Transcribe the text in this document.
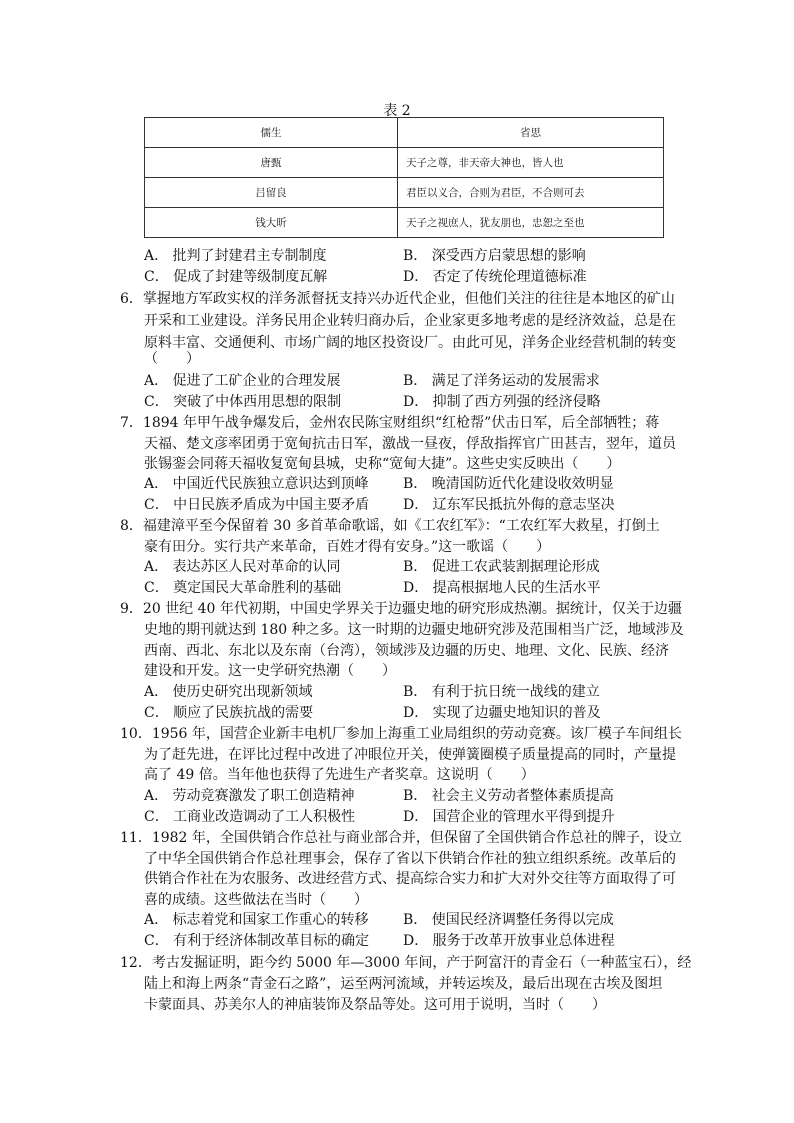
表 2
儒生	省思
唐甄	天子之尊，非天帝大神也，皆人也
吕留良	君臣以义合，合则为君臣，不合则可去
钱大昕	天子之视庶人，犹友朋也，忠恕之至也
A． 批判了封建君主专制制度	B． 深受西方启蒙思想的影响
C． 促成了封建等级制度瓦解	D． 否定了传统伦理道德标准
6．掌握地方军政实权的洋务派督抚支持兴办近代企业，但他们关注的往往是本地区的矿山
开采和工业建设。洋务民用企业转归商办后，企业家更多地考虑的是经济效益，总是在
原料丰富、交通便利、市场广阔的地区投资设厂。由此可见，洋务企业经营机制的转变
（　　）
A． 促进了工矿企业的合理发展	B． 满足了洋务运动的发展需求
C． 突破了中体西用思想的限制	D． 抑制了西方列强的经济侵略
7．1894 年甲午战争爆发后，金州农民陈宝财组织“红枪帮”伏击日军，后全部牺牲；蒋
天福、楚文彦率团勇于宽甸抗击日军，激战一昼夜，俘敌指挥官广田甚吉，翌年，道员
张锡銮会同蒋天福收复宽甸县城，史称“宽甸大捷”。这些史实反映出（　　）
A． 中国近代民族独立意识达到顶峰 B． 晚清国防近代化建设收效明显
C． 中日民族矛盾成为中国主要矛盾 D． 辽东军民抵抗外侮的意志坚决
8．福建漳平至今保留着 30 多首革命歌谣，如《工农红军》：“工农红军大救星，打倒土
豪有田分。实行共产来革命，百姓才得有安身。”这一歌谣（　　）
A． 表达苏区人民对革命的认同	B． 促进工农武装割据理论形成
C． 奠定国民大革命胜利的基础	D． 提高根据地人民的生活水平
9．20 世纪 40 年代初期，中国史学界关于边疆史地的研究形成热潮。据统计，仅关于边疆
史地的期刊就达到 180 种之多。这一时期的边疆史地研究涉及范围相当广泛，地域涉及
西南、西北、东北以及东南（台湾），领域涉及边疆的历史、地理、文化、民族、经济
建设和开发。这一史学研究热潮（　　）
A． 使历史研究出现新领域	B． 有利于抗日统一战线的建立
C． 顺应了民族抗战的需要	D． 实现了边疆史地知识的普及
10．1956 年，国营企业新丰电机厂参加上海重工业局组织的劳动竞赛。该厂模子车间组长
为了赶先进，在评比过程中改进了冲眼位开关，使弹簧圈模子质量提高的同时，产量提
高了 49 倍。当年他也获得了先进生产者奖章。这说明（　　）
A． 劳动竞赛激发了职工创造精神	B． 社会主义劳动者整体素质提高
C． 工商业改造调动了工人积极性	D． 国营企业的管理水平得到提升
11．1982 年，全国供销合作总社与商业部合并，但保留了全国供销合作总社的牌子，设立
了中华全国供销合作总社理事会，保存了省以下供销合作社的独立组织系统。改革后的
供销合作社在为农服务、改进经营方式、提高综合实力和扩大对外交往等方面取得了可
喜的成绩。这些做法在当时（　　）
A． 标志着党和国家工作重心的转移 B． 使国民经济调整任务得以完成
C． 有利于经济体制改革目标的确定 D． 服务于改革开放事业总体进程
12．考古发掘证明，距今约 5000 年—3000 年间，产于阿富汗的青金石（一种蓝宝石），经
陆上和海上两条“青金石之路”，运至两河流域，并转运埃及，最后出现在古埃及图坦
卡蒙面具、苏美尔人的神庙装饰及祭品等处。这可用于说明，当时（　　）
